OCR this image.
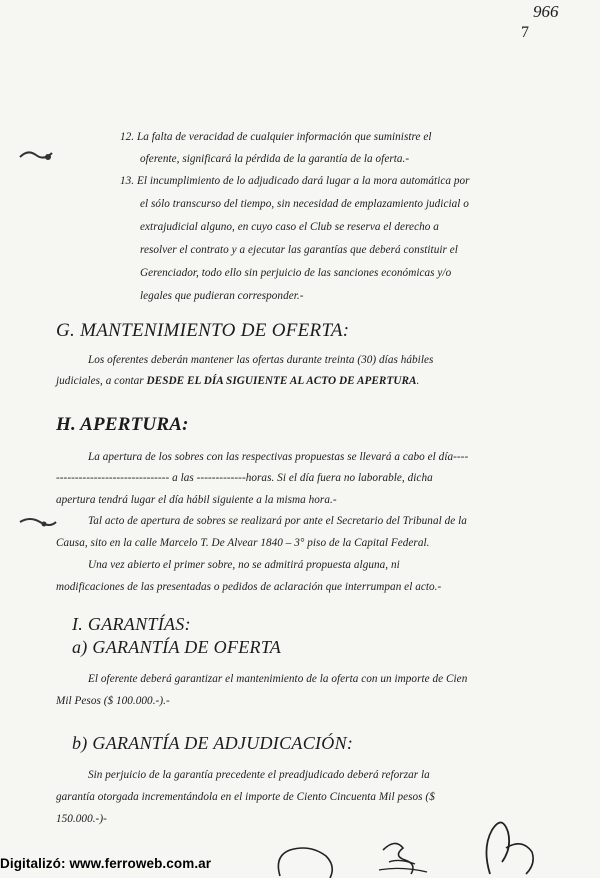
966
7
12. La falta de veracidad de cualquier información que suministre el
oferente, significará la pérdida de la garantía de la oferta.-
13. El incumplimiento de lo adjudicado dará lugar a la mora automática por
el sólo transcurso del tiempo, sin necesidad de emplazamiento judicial o
extrajudicial alguno, en cuyo caso el Club se reserva el derecho a
resolver el contrato y a ejecutar las garantías que deberá constituir el
Gerenciador, todo ello sin perjuicio de las sanciones económicas y/o
legales que pudieran corresponder.-
G. MANTENIMIENTO DE OFERTA:
Los oferentes deberán mantener las ofertas durante treinta (30) días hábiles
judiciales, a contar DESDE EL DÍA SIGUIENTE AL ACTO DE APERTURA.
H. APERTURA:
La apertura de los sobres con las respectivas propuestas se llevará a cabo el día----
------------------------------ a las -------------horas. Si el día fuera no laborable, dicha
apertura tendrá lugar el día hábil siguiente a la misma hora.-
Tal acto de apertura de sobres se realizará por ante el Secretario del Tribunal de la
Causa, sito en la calle Marcelo T. De Alvear 1840 – 3° piso de la Capital Federal.
Una vez abierto el primer sobre, no se admitirá propuesta alguna, ni
modificaciones de las presentadas o pedidos de aclaración que interrumpan el acto.-
I. GARANTÍAS:
a) GARANTÍA DE OFERTA
El oferente deberá garantizar el mantenimiento de la oferta con un importe de Cien
Mil Pesos ($ 100.000.-).-
b) GARANTÍA DE ADJUDICACIÓN:
Sin perjuicio de la garantía precedente el preadjudicado deberá reforzar la
garantía otorgada incrementándola en el importe de Ciento Cincuenta Mil pesos ($
150.000.-)-
Digitalizó: www.ferroweb.com.ar
